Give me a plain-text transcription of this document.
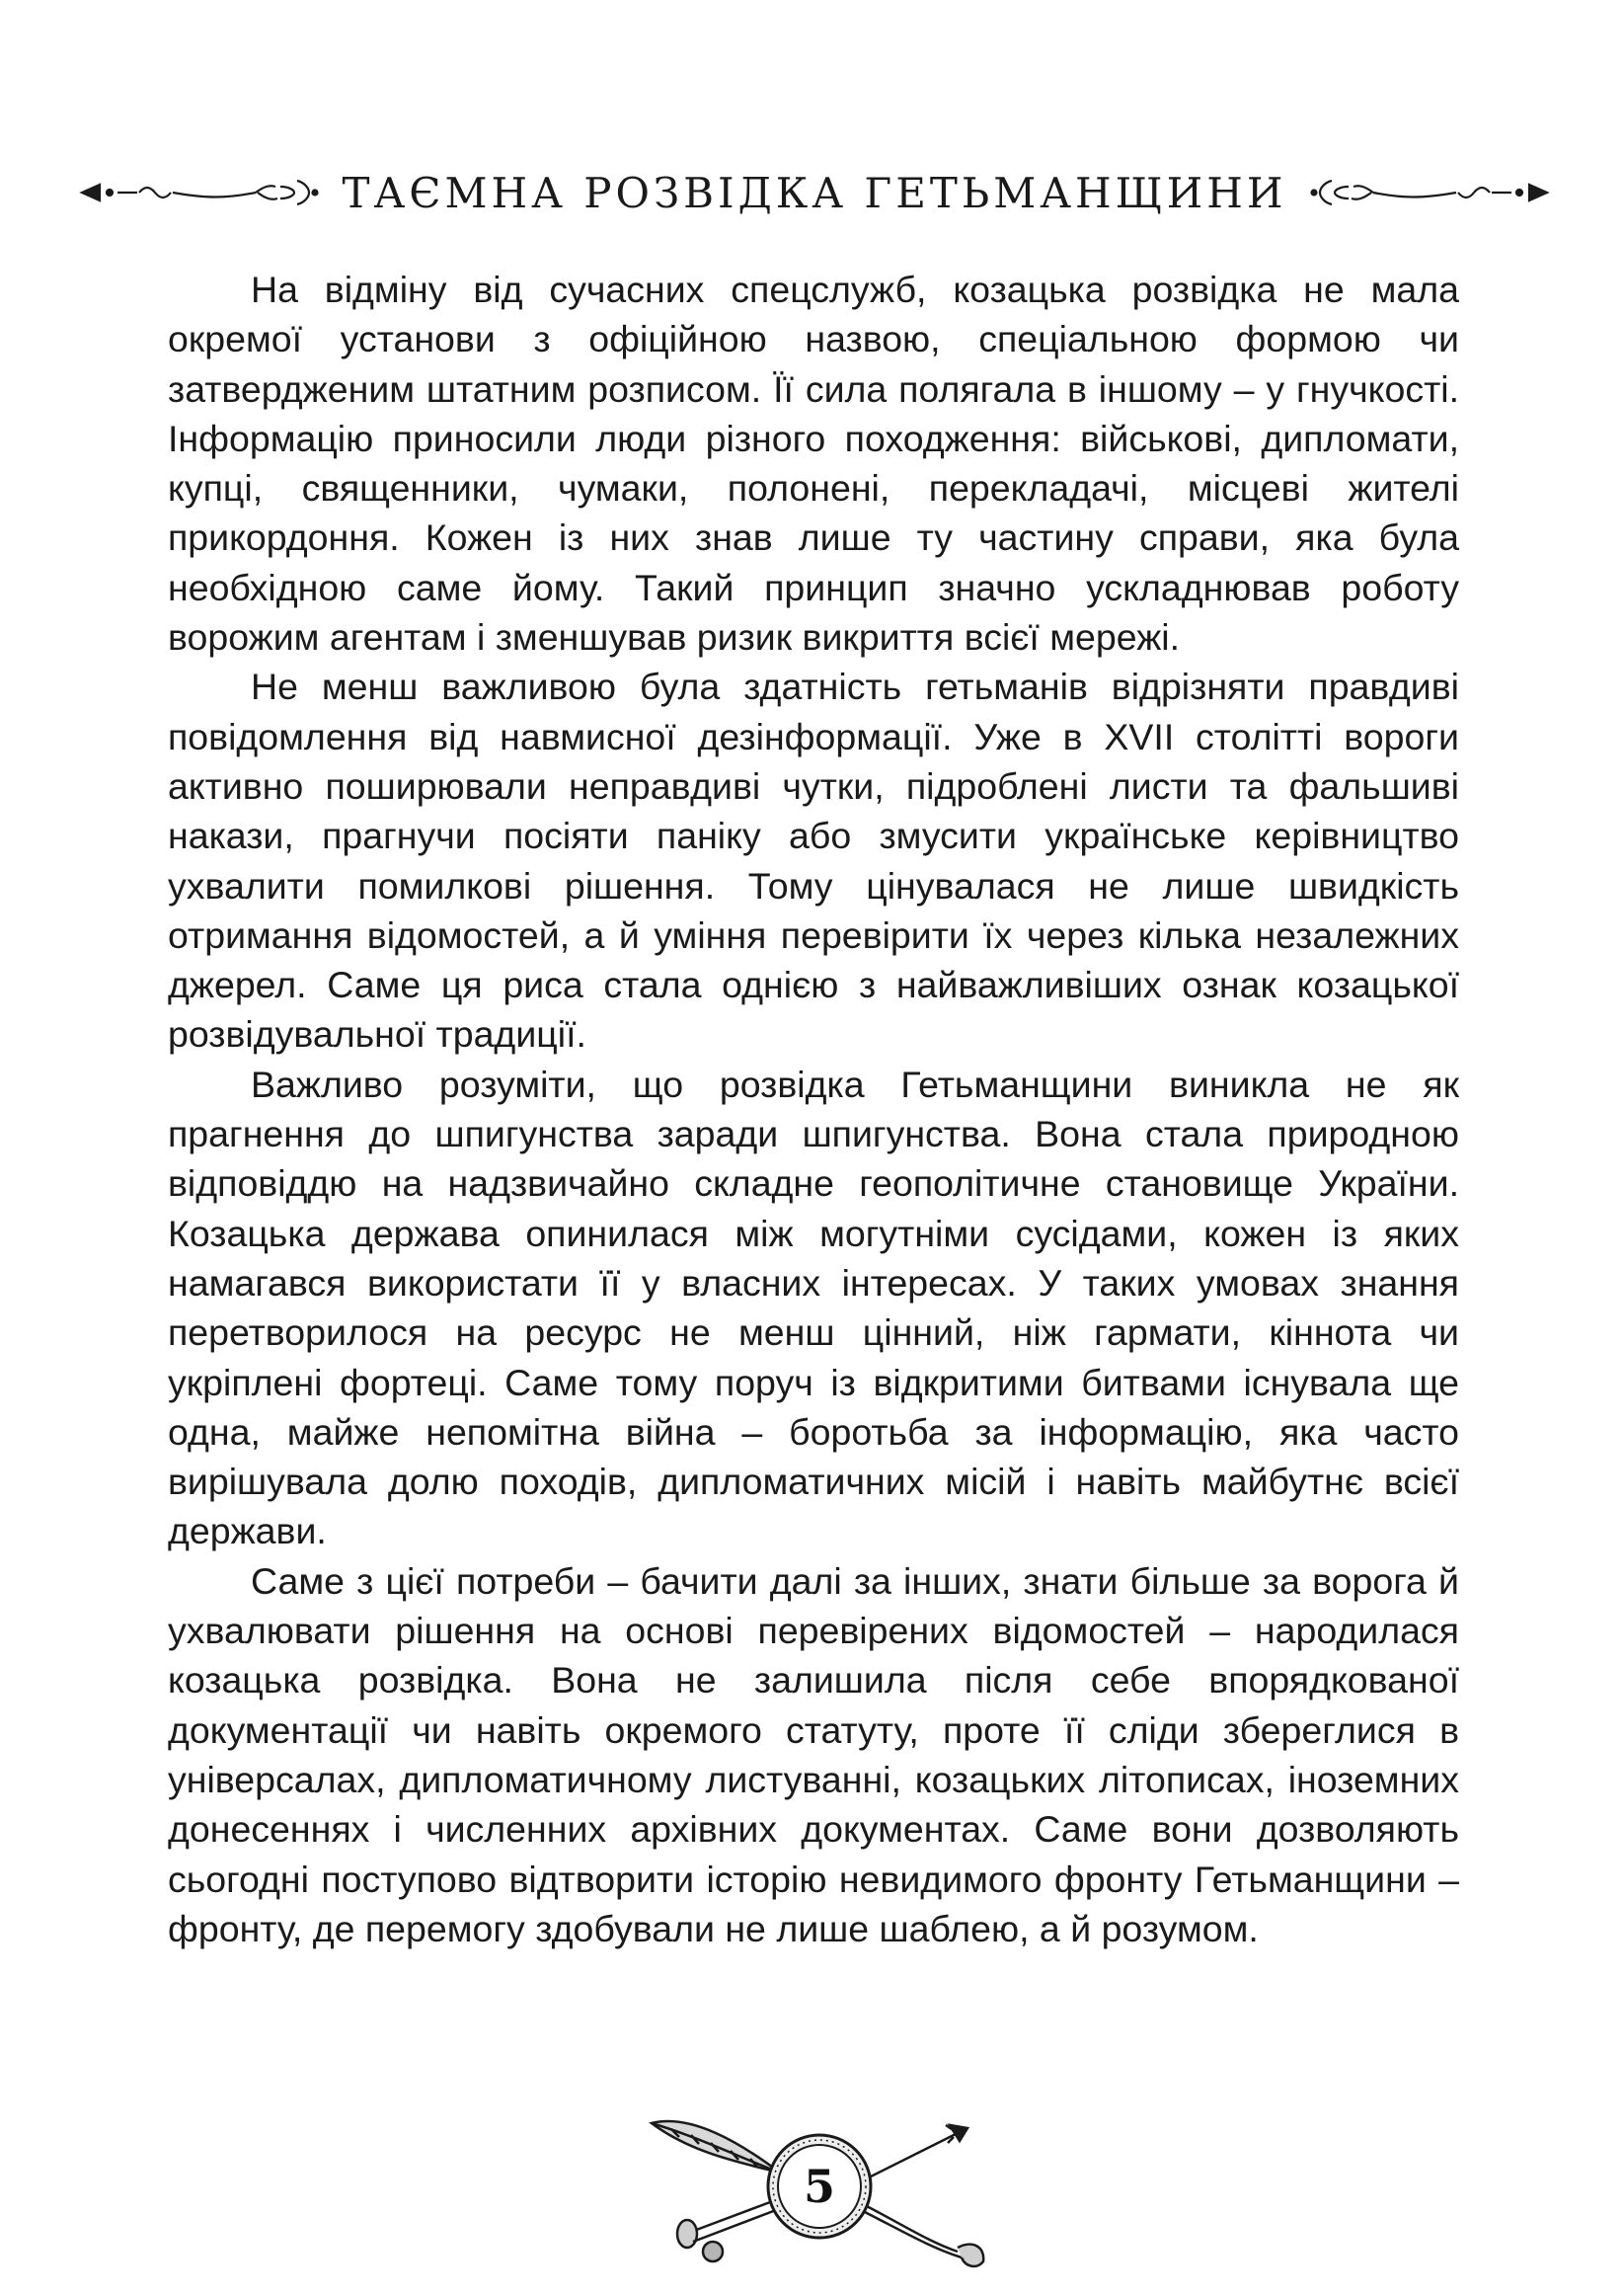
ТАЄМНА РОЗВІДКА ГЕТЬМАНЩИНИ

На відміну від сучасних спецслужб, козацька розвідка не мала окремої установи з офіційною назвою, спеціальною формою чи затвердженим штатним розписом. Її сила полягала в іншому – у гнучкості. Інформацію приносили люди різного походження: військові, дипломати, купці, священники, чумаки, полонені, перекладачі, місцеві жителі прикордоння. Кожен із них знав лише ту частину справи, яка була необхідною саме йому. Такий принцип значно ускладнював роботу ворожим агентам і зменшував ризик викриття всієї мережі.

Не менш важливою була здатність гетьманів відрізняти правдиві повідомлення від навмисної дезінформації. Уже в XVII столітті вороги активно поширювали неправдиві чутки, підроблені листи та фальшиві накази, прагнучи посіяти паніку або змусити українське керівництво ухвалити помилкові рішення. Тому цінувалася не лише швидкість отримання відомостей, а й уміння перевірити їх через кілька незалежних джерел. Саме ця риса стала однією з найважливіших ознак козацької розвідувальної традиції.

Важливо розуміти, що розвідка Гетьманщини виникла не як прагнення до шпигунства заради шпигунства. Вона стала природною відповіддю на надзвичайно складне геополітичне становище України. Козацька держава опинилася між могутніми сусідами, кожен із яких намагався використати її у власних інтересах. У таких умовах знання перетворилося на ресурс не менш цінний, ніж гармати, кіннота чи укріплені фортеці. Саме тому поруч із відкритими битвами існувала ще одна, майже непомітна війна – боротьба за інформацію, яка часто вирішувала долю походів, дипломатичних місій і навіть майбутнє всієї держави.

Саме з цієї потреби – бачити далі за інших, знати більше за ворога й ухвалювати рішення на основі перевірених відомостей – народилася козацька розвідка. Вона не залишила після себе впорядкованої документації чи навіть окремого статуту, проте її сліди збереглися в універсалах, дипломатичному листуванні, козацьких літописах, іноземних донесеннях і численних архівних документах. Саме вони дозволяють сьогодні поступово відтворити історію невидимого фронту Гетьманщини – фронту, де перемогу здобували не лише шаблею, а й розумом.

5
